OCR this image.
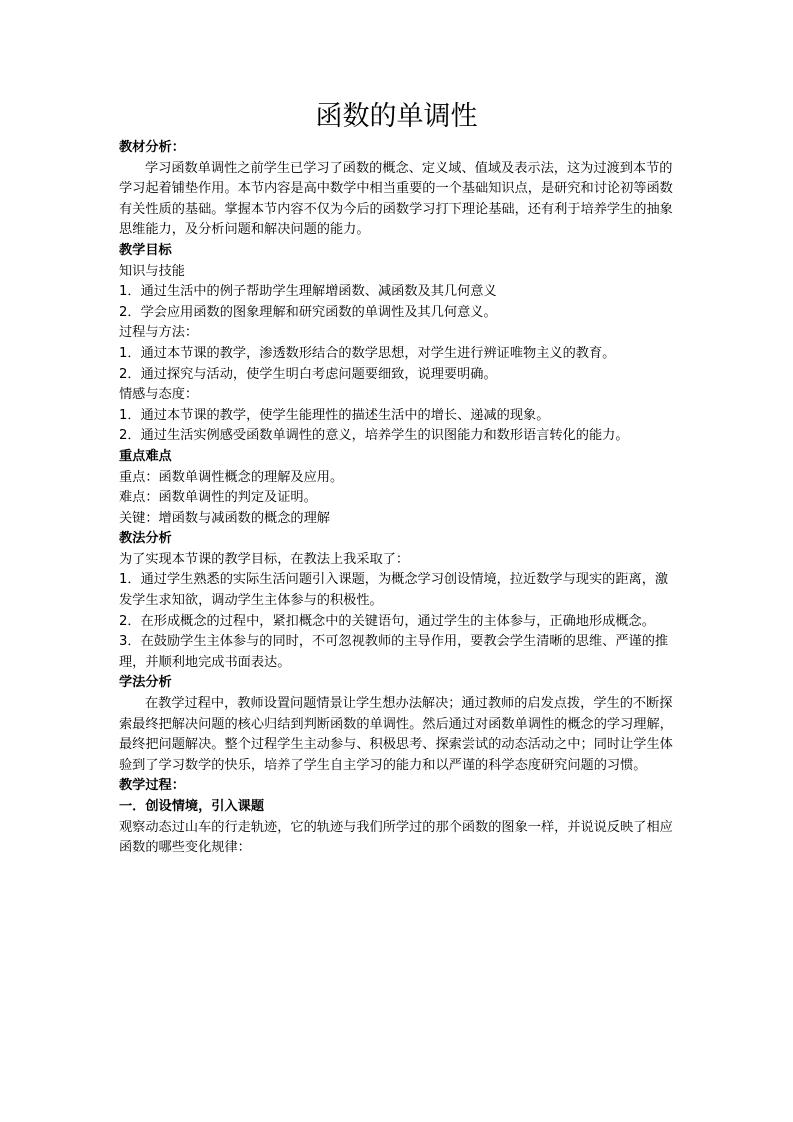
函数的单调性

教材分析：

学习函数单调性之前学生已学习了函数的概念、定义域、值域及表示法，这为过渡到本节的学习起着铺垫作用。本节内容是高中数学中相当重要的一个基础知识点，是研究和讨论初等函数有关性质的基础。掌握本节内容不仅为今后的函数学习打下理论基础，还有利于培养学生的抽象思维能力，及分析问题和解决问题的能力。

教学目标

知识与技能

1．通过生活中的例子帮助学生理解增函数、减函数及其几何意义

2．学会应用函数的图象理解和研究函数的单调性及其几何意义。

过程与方法：

1．通过本节课的教学，渗透数形结合的数学思想，对学生进行辨证唯物主义的教育。

2．通过探究与活动，使学生明白考虑问题要细致，说理要明确。

情感与态度：

1．通过本节课的教学，使学生能理性的描述生活中的增长、递减的现象。

2．通过生活实例感受函数单调性的意义，培养学生的识图能力和数形语言转化的能力。

重点难点

重点：函数单调性概念的理解及应用。

难点：函数单调性的判定及证明。

关键：增函数与减函数的概念的理解

教法分析

为了实现本节课的教学目标，在教法上我采取了：

1．通过学生熟悉的实际生活问题引入课题，为概念学习创设情境，拉近数学与现实的距离，激发学生求知欲，调动学生主体参与的积极性。

2．在形成概念的过程中，紧扣概念中的关键语句，通过学生的主体参与，正确地形成概念。

3．在鼓励学生主体参与的同时，不可忽视教师的主导作用，要教会学生清晰的思维、严谨的推理，并顺利地完成书面表达。

学法分析

在教学过程中，教师设置问题情景让学生想办法解决；通过教师的启发点拨，学生的不断探索最终把解决问题的核心归结到判断函数的单调性。然后通过对函数单调性的概念的学习理解，最终把问题解决。整个过程学生主动参与、积极思考、探索尝试的动态活动之中；同时让学生体验到了学习数学的快乐，培养了学生自主学习的能力和以严谨的科学态度研究问题的习惯。

教学过程：

一．创设情境，引入课题

观察动态过山车的行走轨迹，它的轨迹与我们所学过的那个函数的图象一样，并说说反映了相应函数的哪些变化规律：
